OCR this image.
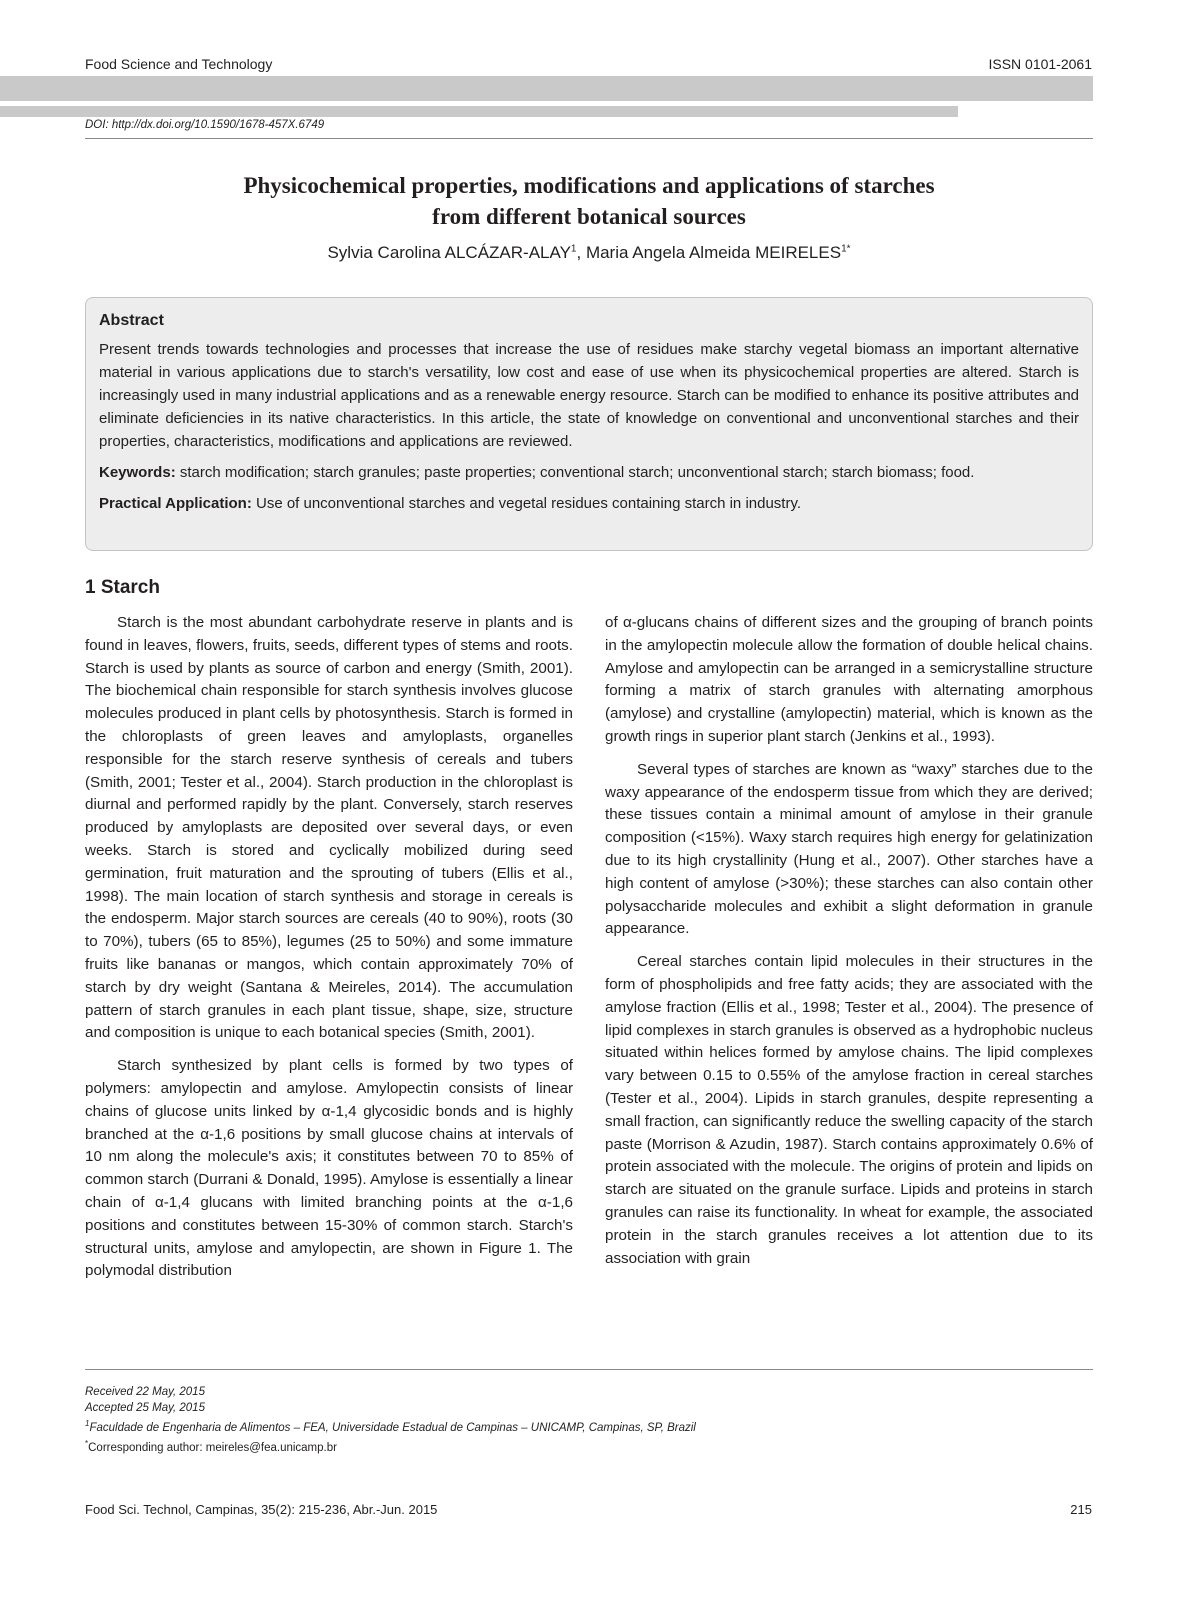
Food Science and Technology	ISSN 0101-2061
DOI: http://dx.doi.org/10.1590/1678-457X.6749
Physicochemical properties, modifications and applications of starches
from different botanical sources
Sylvia Carolina ALCÁZAR-ALAY$^1$, Maria Angela Almeida $MEIRELES^{1*}$
Abstract

Present trends towards technologies and processes that increase the use of residues make starchy vegetal biomass an important alternative material in various applications due to starch's versatility, low cost and ease of use when its physicochemical properties are altered. Starch is increasingly used in many industrial applications and as a renewable energy resource. Starch can be modified to enhance its positive attributes and eliminate deficiencies in its native characteristics. In this article, the state of knowledge on conventional and unconventional starches and their properties, characteristics, modifications and applications are reviewed.

Keywords: starch modification; starch granules; paste properties; conventional starch; unconventional starch; starch biomass; food.

Practical Application: Use of unconventional starches and vegetal residues containing starch in industry.

1 Starch

Starch is the most abundant carbohydrate reserve in plants and is found in leaves, flowers, fruits, seeds, different types of stems and roots. Starch is used by plants as source of carbon and energy (Smith, 2001). The biochemical chain responsible for starch synthesis involves glucose molecules produced in plant cells by photosynthesis. Starch is formed in the chloroplasts of green leaves and amyloplasts, organelles responsible for the starch reserve synthesis of cereals and tubers (Smith, 2001; Tester et al., 2004). Starch production in the chloroplast is diurnal and performed rapidly by the plant. Conversely, starch reserves produced by amyloplasts are deposited over several days, or even weeks. Starch is stored and cyclically mobilized during seed germination, fruit maturation and the sprouting of tubers (Ellis et al., 1998). The main location of starch synthesis and storage in cereals is the endosperm. Major starch sources are cereals (40 to 90%), roots (30 to 70%), tubers (65 to 85%), legumes (25 to 50%) and some immature fruits like bananas or mangos, which contain approximately 70% of starch by dry weight (Santana & Meireles, 2014). The accumulation pattern of starch granules in each plant tissue, shape, size, structure and composition is unique to each botanical species (Smith, 2001).

Starch synthesized by plant cells is formed by two types of polymers: amylopectin and amylose. Amylopectin consists of linear chains of glucose units linked by α-1,4 glycosidic bonds and is highly branched at the α-1,6 positions by small glucose chains at intervals of 10 nm along the molecule's axis; it constitutes between 70 to 85% of common starch (Durrani & Donald, 1995). Amylose is essentially a linear chain of α-1,4 glucans with limited branching points at the α-1,6 positions and constitutes between 15-30% of common starch. Starch's structural units, amylose and amylopectin, are shown in Figure 1. The polymodal distribution

of α-glucans chains of different sizes and the grouping of branch points in the amylopectin molecule allow the formation of double helical chains. Amylose and amylopectin can be arranged in a semicrystalline structure forming a matrix of starch granules with alternating amorphous (amylose) and crystalline (amylopectin) material, which is known as the growth rings in superior plant starch (Jenkins et al., 1993).

Several types of starches are known as “waxy” starches due to the waxy appearance of the endosperm tissue from which they are derived; these tissues contain a minimal amount of amylose in their granule composition (<15%). Waxy starch requires high energy for gelatinization due to its high crystallinity (Hung et al., 2007). Other starches have a high content of amylose (>30%); these starches can also contain other polysaccharide molecules and exhibit a slight deformation in granule appearance.

Cereal starches contain lipid molecules in their structures in the form of phospholipids and free fatty acids; they are associated with the amylose fraction (Ellis et al., 1998; Tester et al., 2004). The presence of lipid complexes in starch granules is observed as a hydrophobic nucleus situated within helices formed by amylose chains. The lipid complexes vary between 0.15 to 0.55% of the amylose fraction in cereal starches (Tester et al., 2004). Lipids in starch granules, despite representing a small fraction, can significantly reduce the swelling capacity of the starch paste (Morrison & Azudin, 1987). Starch contains approximately 0.6% of protein associated with the molecule. The origins of protein and lipids on starch are situated on the granule surface. Lipids and proteins in starch granules can raise its functionality. In wheat for example, the associated protein in the starch granules receives a lot attention due to its association with grain

Received 22 May, 2015
Accepted 25 May, 2015
$^1$Faculdade de Engenharia de Alimentos – FEA, Universidade Estadual de Campinas – UNICAMP, Campinas, SP, Brazil
*Corresponding author: meireles@fea.unicamp.br
Food Sci. Technol, Campinas, 35(2): 215-236, Abr.-Jun. 2015	215
